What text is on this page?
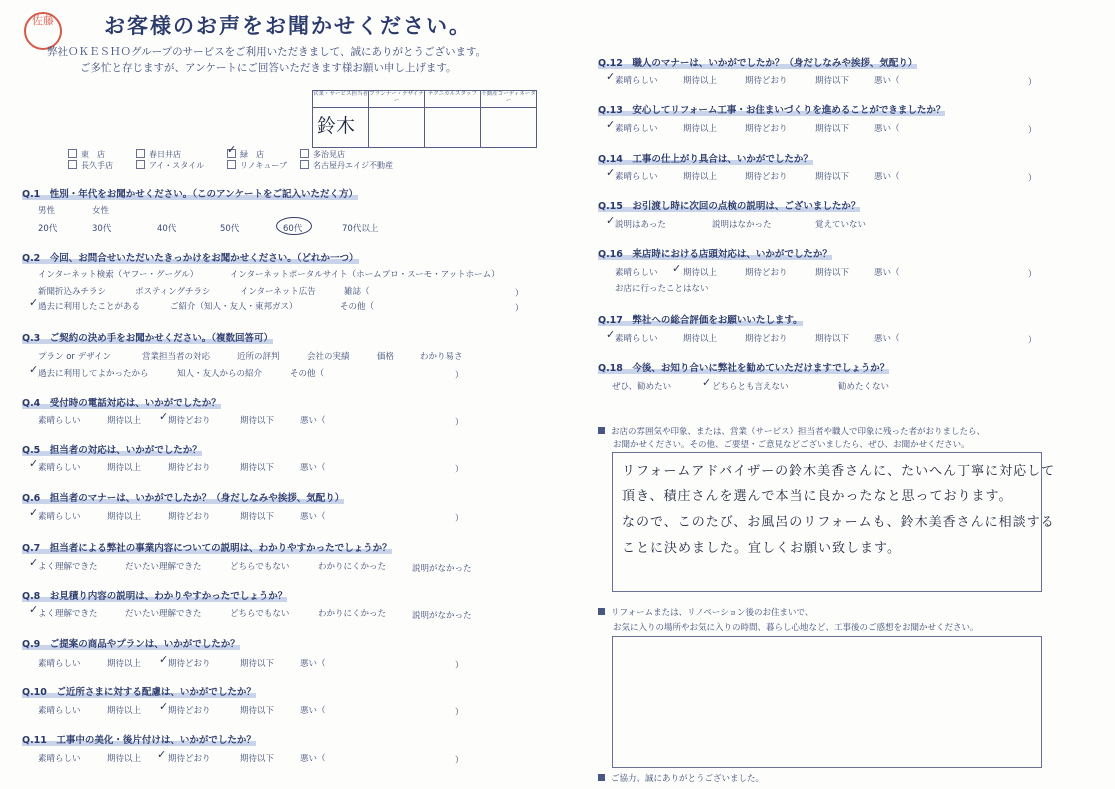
佐藤	お客様のお声をお聞かせください。
弊社ＯＫＥＳＨＯグループのサービスをご利用いただきまして、誠にありがとうございます。
ご多忙と存じますが、アンケートにご回答いただきます様お願い申し上げます。
営業・サービス担当者
鈴木
プランナー・デザイナー
テクニカルスタッフ 不動産コーディネーター
東　店	春日井店	✓ 緑　店	多治見店
長久手店	アイ・スタイル	リノキューブ	名古屋丹エイジ不動産
Q.1　性別・年代をお聞かせください。（このアンケートをご記入いただく方）
男性	女性
20代	30代	40代	50代	60代	70代以上
Q.2　今回、お問合せいただいたきっかけをお聞かせください。（どれか一つ）
インターネット検索（ヤフー・グーグル）	インターネットポータルサイト（ホームプロ・スーモ・アットホーム）
新聞折込みチラシ	ポスティングチラシ	インターネット広告	雑誌（	）
過去に利用したことがある
✓	ご紹介（知人・友人・東邦ガス）	その他（	）
Q.3　ご契約の決め手をお聞かせください。（複数回答可）
プラン or デザイン	営業担当者の対応	近所の評判	会社の実績	価格	わかり易さ
過去に利用してよかったから
✓	知人・友人からの紹介	その他（	）
Q.4　受付時の電話対応は、いかがでしたか？
素晴らしい	期待以上	期待どおり
✓	期待以下	悪い（	）
Q.5　担当者の対応は、いかがでしたか？
素晴らしい
✓	期待以上	期待どおり	期待以下	悪い（	）
Q.6　担当者のマナーは、いかがでしたか？（身だしなみや挨拶、気配り）
素晴らしい
✓	期待以上	期待どおり	期待以下	悪い（	）
Q.7　担当者による弊社の事業内容についての説明は、わかりやすかったでしょうか？
よく理解できた
✓	だいたい理解できた	どちらでもない	わかりにくかった	説明がなかった
Q.8　お見積り内容の説明は、わかりやすかったでしょうか？
よく理解できた
✓	だいたい理解できた	どちらでもない	わかりにくかった	説明がなかった
Q.9　ご提案の商品やプランは、いかがでしたか？
素晴らしい	期待以上	期待どおり
✓	期待以下	悪い（	）
Q.10　ご近所さまに対する配慮は、いかがでしたか？
素晴らしい	期待以上	期待どおり
✓	期待以下	悪い（	）
Q.11　工事中の美化・後片付けは、いかがでしたか？
素晴らしい	期待以上	期待どおり
✓	期待以下	悪い（	）
Q.12　職人のマナーは、いかがでしたか？（身だしなみや挨拶、気配り）
素晴らしい
✓	期待以上	期待どおり	期待以下	悪い（	）
Q.13　安心してリフォーム工事・お住まいづくりを進めることができましたか？
素晴らしい
✓	期待以上	期待どおり	期待以下	悪い（	）
Q.14　工事の仕上がり具合は、いかがでしたか？
素晴らしい
✓	期待以上	期待どおり	期待以下	悪い（	）
Q.15　お引渡し時に次回の点検の説明は、ございましたか？
説明はあった
✓	説明はなかった	覚えていない
Q.16　来店時における店頭対応は、いかがでしたか？
素晴らしい	期待以上
✓	期待どおり	期待以下	悪い（	）
お店に行ったことはない
Q.17　弊社への総合評価をお願いいたします。
素晴らしい
✓	期待以上	期待どおり	期待以下	悪い（	）
Q.18　今後、お知り合いに弊社を勧めていただけますでしょうか？
ぜひ、勧めたい	どちらとも言えない
✓	勧めたくない
お店の雰囲気や印象、または、営業（サービス）担当者や職人で印象に残った者がおりましたら、
お聞かせください。その他、ご要望・ご意見などございましたら、ぜひ、お聞かせください。
リフォームアドバイザーの鈴木美香さんに、たいへん丁寧に対応して
頂き、積庄さんを選んで本当に良かったなと思っております。
なので、このたび、お風呂のリフォームも、鈴木美香さんに相談する
ことに決めました。宜しくお願い致します。
リフォームまたは、リノベーション後のお住まいで、
お気に入りの場所やお気に入りの時間、暮らし心地など、工事後のご感想をお聞かせください。
ご協力、誠にありがとうございました。
